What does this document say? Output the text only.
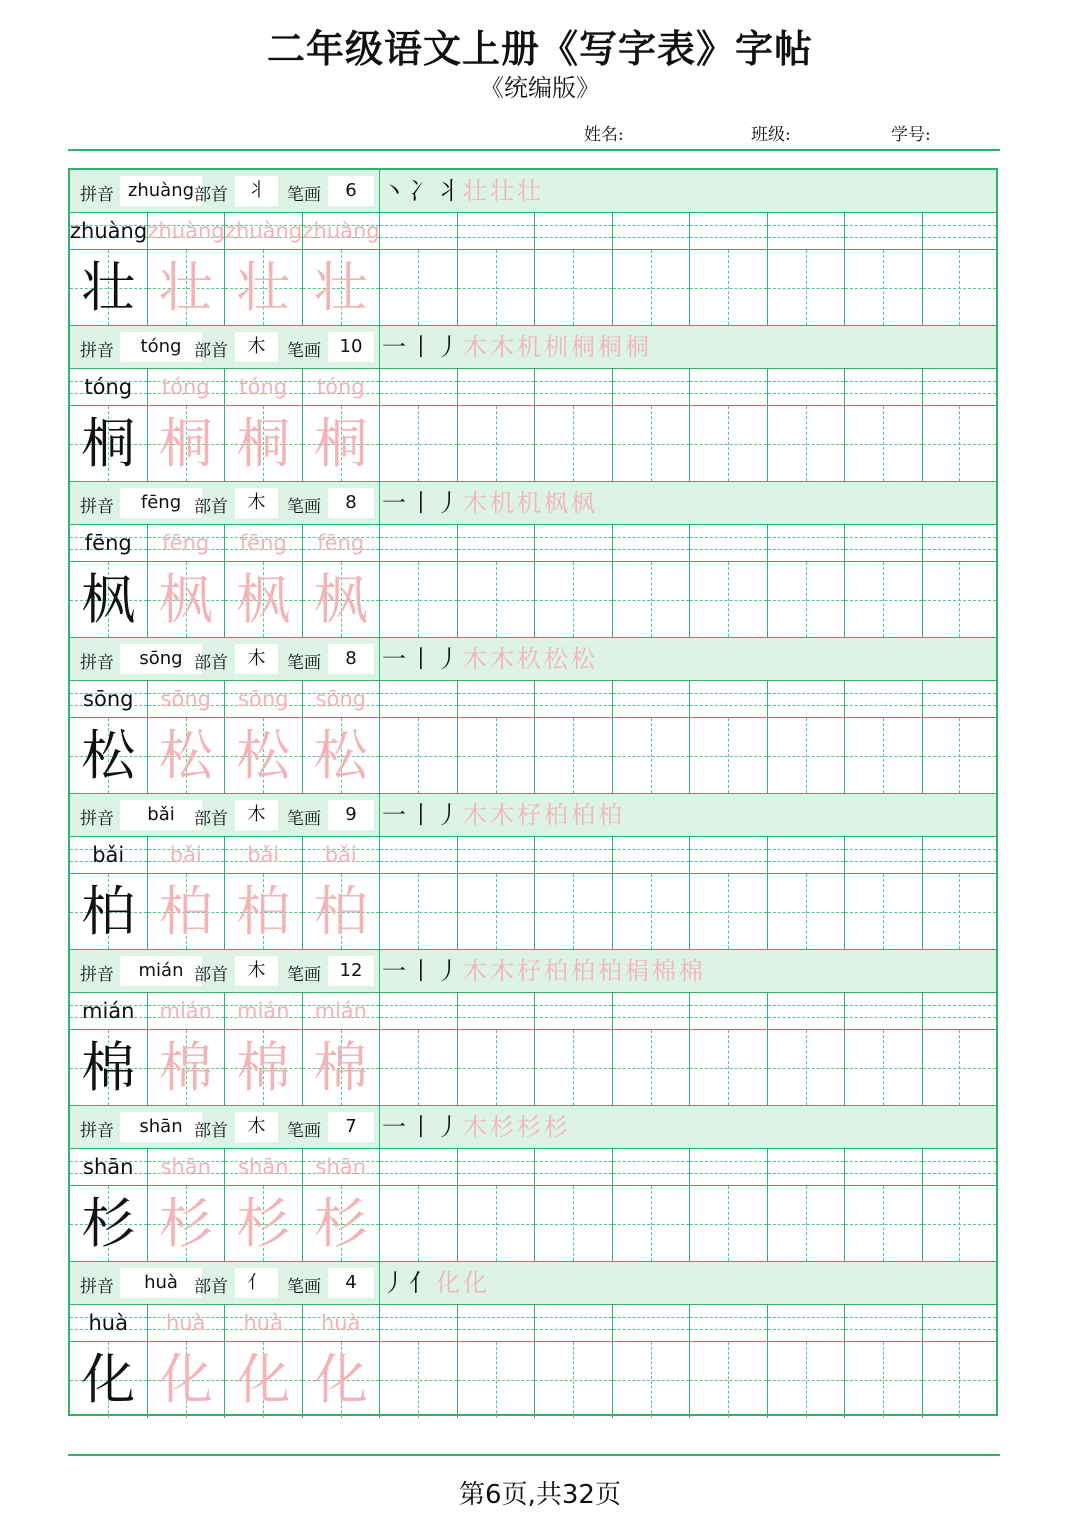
二年级语文上册《写字表》字帖
《统编版》
姓名:	班级:	学号:
拼音 zhuàng 部首	丬	笔画	6	丶 冫 丬 壮 壮 壮
zhuàng
壮
zhuàng
壮
zhuàng
壮
zhuàng
壮
拼音	tóng 部首	木	笔画	10 一 丨 丿 木 木 机 杊 桐 桐 桐
tóng
桐
tóng
桐
tóng
桐
tóng
桐
拼音	fēng 部首	木	笔画	8	一 丨 丿 木 机 机 枫 枫
fēng
枫
fēng
枫
fēng
枫
fēng
枫
拼音	sōng 部首	木	笔画	8	一 丨 丿 木 木 杦 松 松
sōng
松
sōng
松
sōng
松
sōng
松
拼音	bǎi	部首	木	笔画	9	一 丨 丿 木 木 杍 柏 柏 柏
bǎi
柏
bǎi
柏
bǎi
柏
bǎi
柏
拼音	mián 部首	木	笔画	12 一 丨 丿 木 木 杍 柏 柏 柏 梋 棉 棉
mián
棉
mián
棉
mián
棉
mián
棉
拼音	shān 部首	木	笔画	7	一 丨 丿 木 杉 杉 杉
shān
杉
shān
杉
shān
杉
shān
杉
拼音	huà 部首	亻	笔画	4	丿 亻 化 化
huà
化
huà
化
huà
化
huà
化
第6页,共32页
